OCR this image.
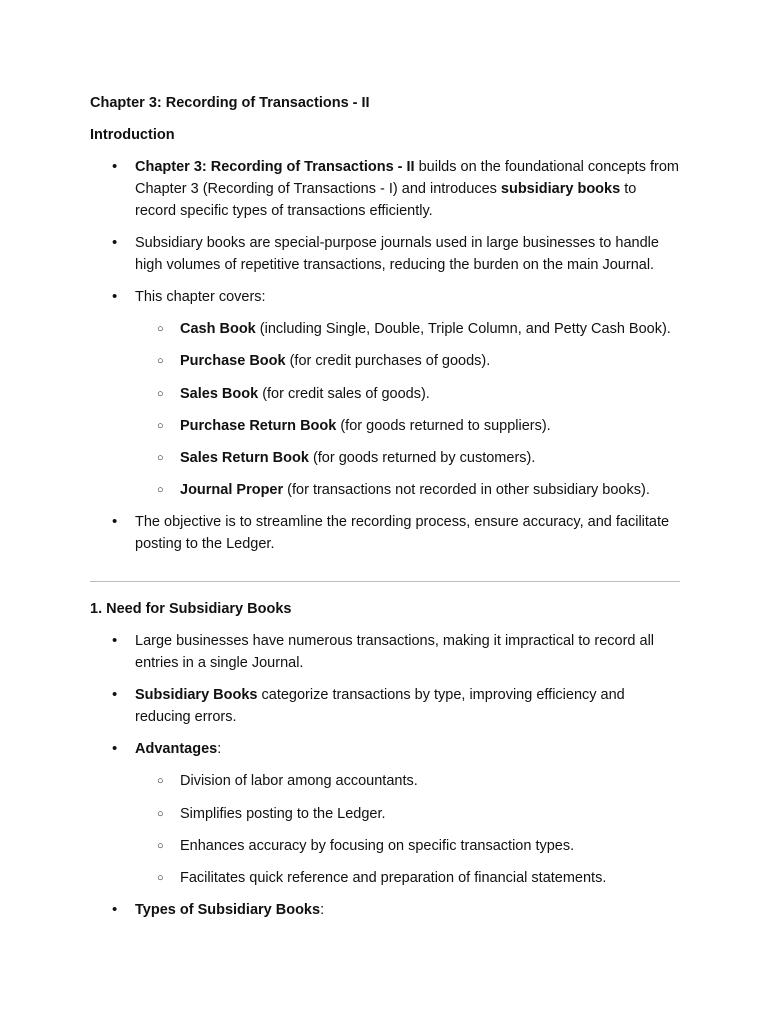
Chapter 3: Recording of Transactions - II

Introduction

• Chapter 3: Recording of Transactions - II builds on the foundational concepts from Chapter 3 (Recording of Transactions - I) and introduces subsidiary books to record specific types of transactions efficiently.
• Subsidiary books are special-purpose journals used in large businesses to handle high volumes of repetitive transactions, reducing the burden on the main Journal.
• This chapter covers:
○ Cash Book (including Single, Double, Triple Column, and Petty Cash Book).
○ Purchase Book (for credit purchases of goods).
○ Sales Book (for credit sales of goods).
○ Purchase Return Book (for goods returned to suppliers).
○ Sales Return Book (for goods returned by customers).
○ Journal Proper (for transactions not recorded in other subsidiary books).
• The objective is to streamline the recording process, ensure accuracy, and facilitate posting to the Ledger.

1. Need for Subsidiary Books

• Large businesses have numerous transactions, making it impractical to record all entries in a single Journal.
• Subsidiary Books categorize transactions by type, improving efficiency and reducing errors.
• Advantages:
○ Division of labor among accountants.
○ Simplifies posting to the Ledger.
○ Enhances accuracy by focusing on specific transaction types.
○ Facilitates quick reference and preparation of financial statements.
• Types of Subsidiary Books:
